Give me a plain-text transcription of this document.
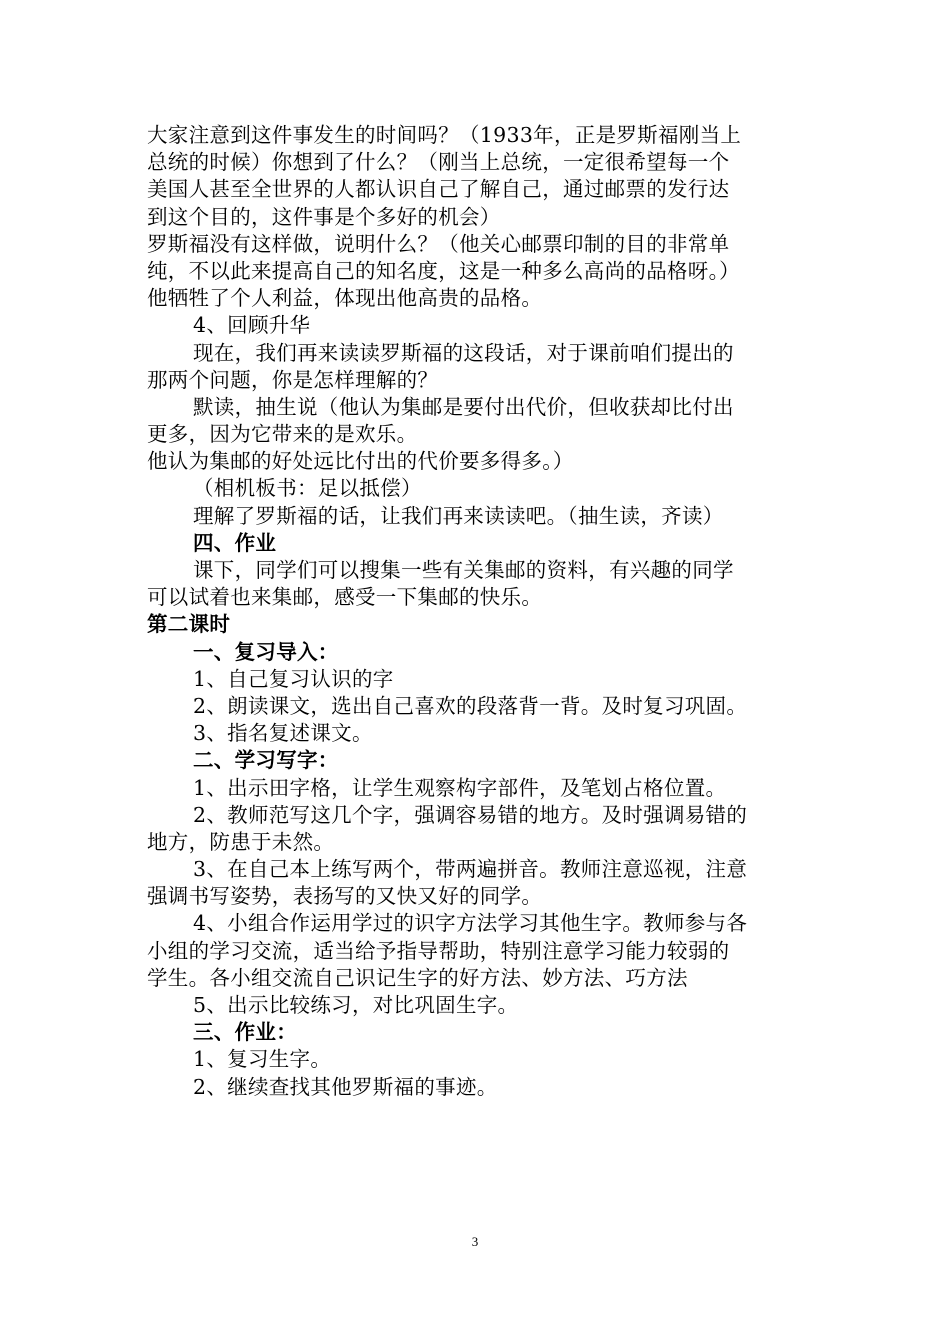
大家注意到这件事发生的时间吗？（1933年，正是罗斯福刚当上
总统的时候）你想到了什么？（刚当上总统，一定很希望每一个
美国人甚至全世界的人都认识自己了解自己，通过邮票的发行达
到这个目的，这件事是个多好的机会）
罗斯福没有这样做，说明什么？（他关心邮票印制的目的非常单
纯，不以此来提高自己的知名度，这是一种多么高尚的品格呀。）
他牺牲了个人利益，体现出他高贵的品格。
4、回顾升华
现在，我们再来读读罗斯福的这段话，对于课前咱们提出的
那两个问题，你是怎样理解的？
默读，抽生说（他认为集邮是要付出代价，但收获却比付出
更多，因为它带来的是欢乐。
他认为集邮的好处远比付出的代价要多得多。）
（相机板书：足以抵偿）
理解了罗斯福的话，让我们再来读读吧。（抽生读，齐读）
四、作业
课下，同学们可以搜集一些有关集邮的资料，有兴趣的同学
可以试着也来集邮，感受一下集邮的快乐。
第二课时
一、复习导入：
1、自己复习认识的字
2、朗读课文，选出自己喜欢的段落背一背。及时复习巩固。
3、指名复述课文。
二、学习写字：
1、出示田字格，让学生观察构字部件，及笔划占格位置。
2、教师范写这几个字，强调容易错的地方。及时强调易错的
地方，防患于未然。
3、在自己本上练写两个，带两遍拼音。教师注意巡视，注意
强调书写姿势，表扬写的又快又好的同学。
4、小组合作运用学过的识字方法学习其他生字。教师参与各
小组的学习交流，适当给予指导帮助，特别注意学习能力较弱的
学生。各小组交流自己识记生字的好方法、妙方法、巧方法
5、出示比较练习，对比巩固生字。
三、作业：
1、复习生字。
2、继续查找其他罗斯福的事迹。
3
